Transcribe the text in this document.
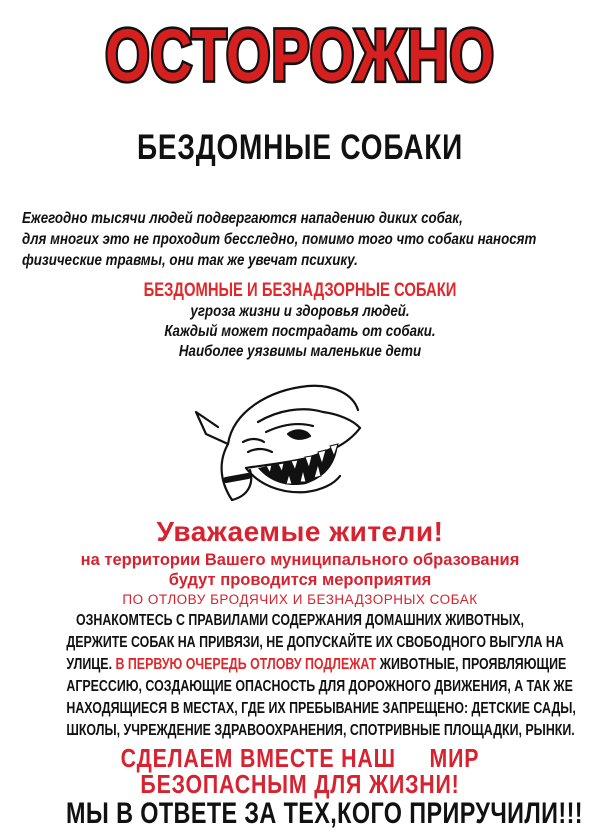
ОСТОРОЖНО
БЕЗДОМНЫЕ СОБАКИ
Ежегодно тысячи людей подвергаются нападению диких собак,
для многих это не проходит бесследно, помимо того что собаки наносят
физические травмы, они так же увечат психику.
БЕЗДОМНЫЕ И БЕЗНАДЗОРНЫЕ СОБАКИ
угроза жизни и здоровья людей.
Каждый может пострадать от собаки.
Наиболее уязвимы маленькие дети
Уважаемые жители!
на территории Вашего муниципального образования
будут проводится мероприятия
ПО ОТЛОВУ БРОДЯЧИХ И БЕЗНАДЗОРНЫХ СОБАК
ОЗНАКОМТЕСЬ С ПРАВИЛАМИ СОДЕРЖАНИЯ ДОМАШНИХ ЖИВОТНЫХ,
ДЕРЖИТЕ СОБАК НА ПРИВЯЗИ, НЕ ДОПУСКАЙТЕ ИХ СВОБОДНОГО ВЫГУЛА НА
УЛИЦЕ. В ПЕРВУЮ ОЧЕРЕДЬ ОТЛОВУ ПОДЛЕЖАТ ЖИВОТНЫЕ, ПРОЯВЛЯЮЩИЕ
АГРЕССИЮ, СОЗДАЮЩИЕ ОПАСНОСТЬ ДЛЯ ДОРОЖНОГО ДВИЖЕНИЯ, А ТАК ЖЕ
НАХОДЯЩИЕСЯ В МЕСТАХ, ГДЕ ИХ ПРЕБЫВАНИЕ ЗАПРЕЩЕНО: ДЕТСКИЕ САДЫ,
ШКОЛЫ, УЧРЕЖДЕНИЕ ЗДРАВООХРАНЕНИЯ, СПОТРИВНЫЕ ПЛОЩАДКИ, РЫНКИ.
СДЕЛАЕМ ВМЕСТЕ НАШ     МИР
БЕЗОПАСНЫМ ДЛЯ ЖИЗНИ!
МЫ В ОТВЕТЕ ЗА ТЕХ,КОГО ПРИРУЧИЛИ!!!
